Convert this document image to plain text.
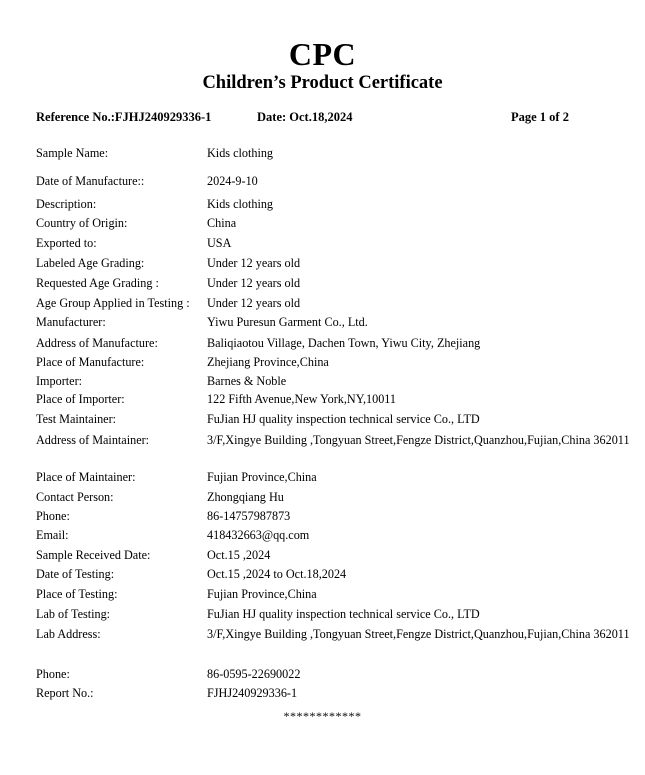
CPC
Children’s Product Certificate
Reference No.:FJHJ240929336-1	Date: Oct.18,2024	Page 1 of 2
Sample Name:	Kids clothing
Date of Manufacture::	2024-9-10
Description:	Kids clothing
Country of Origin:	China
Exported to:	USA
Labeled Age Grading:	Under 12 years old
Requested Age Grading :	Under 12 years old
Age Group Applied in Testing : Under 12 years old
Manufacturer:	Yiwu Puresun Garment Co., Ltd.
Address of Manufacture:	Baliqiaotou Village, Dachen Town, Yiwu City, Zhejiang
Place of Manufacture:	Zhejiang Province,China
Importer:	Barnes & Noble
Place of Importer:	122 Fifth Avenue,New York,NY,10011
Test Maintainer:	FuJian HJ quality inspection technical service Co., LTD
Address of Maintainer:	3/F,Xingye Building ,Tongyuan Street,Fengze District,Quanzhou,Fujian,China 362011
Place of Maintainer:	Fujian Province,China
Contact Person:	Zhongqiang Hu
Phone:	86-14757987873
Email:	418432663@qq.com
Sample Received Date:	Oct.15 ,2024
Date of Testing:	Oct.15 ,2024 to Oct.18,2024
Place of Testing:	Fujian Province,China
Lab of Testing:	FuJian HJ quality inspection technical service Co., LTD
Lab Address:	3/F,Xingye Building ,Tongyuan Street,Fengze District,Quanzhou,Fujian,China 362011
Phone:	86-0595-22690022
Report No.:	FJHJ240929336-1
************
